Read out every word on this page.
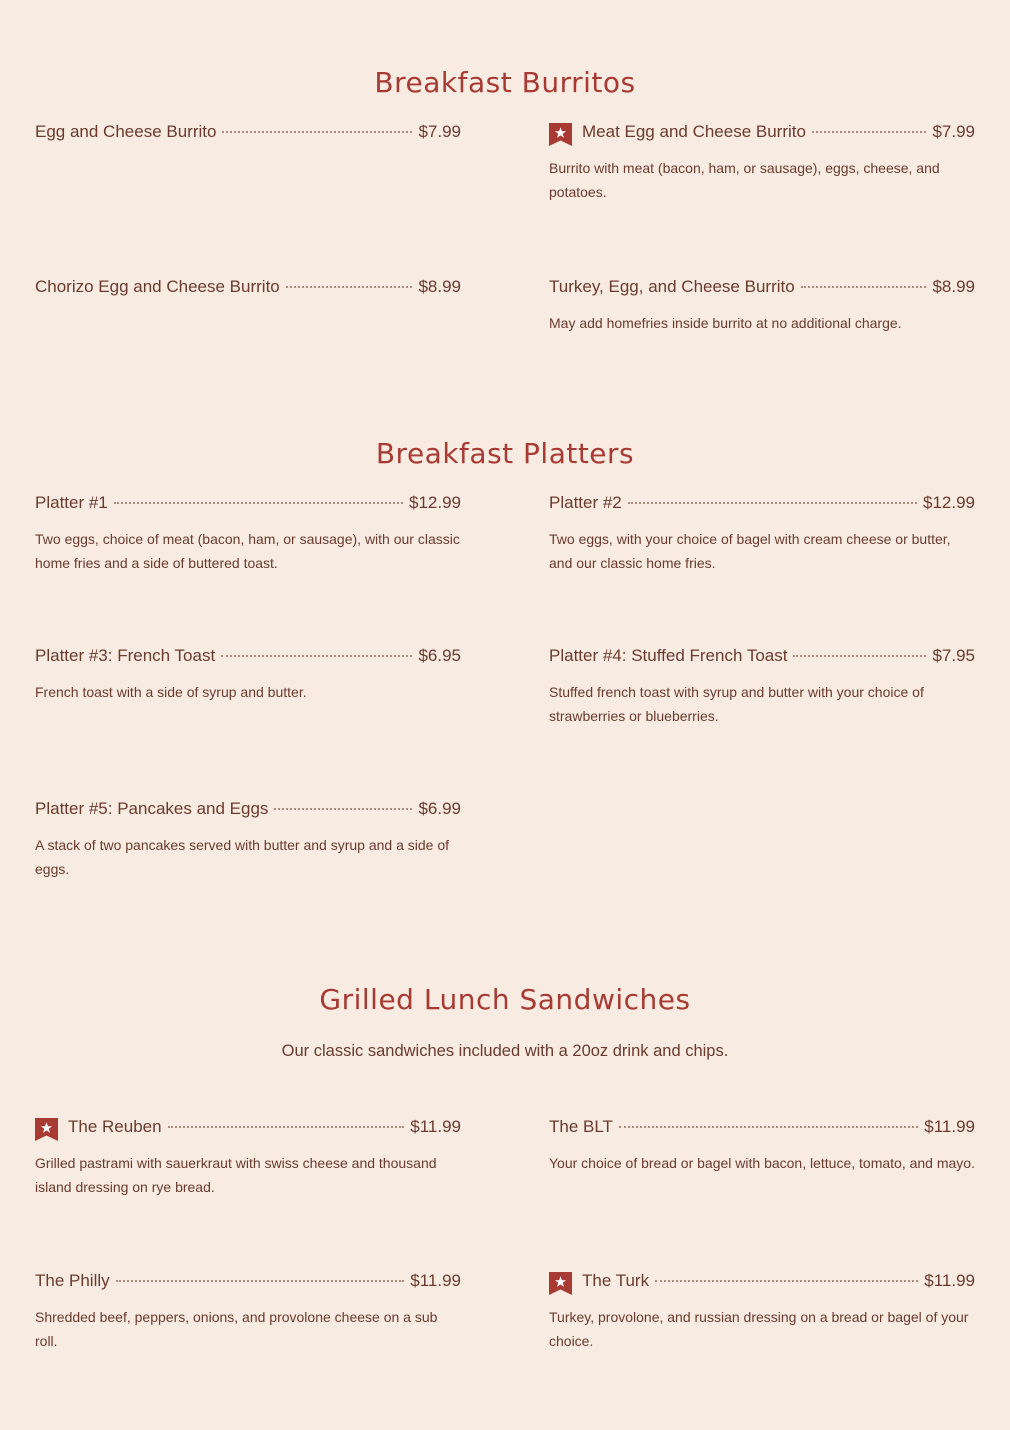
Breakfast Burritos
Egg and Cheese Burrito	$7.99	Meat Egg and Cheese Burrito	$7.99
Burrito with meat (bacon, ham, or sausage), eggs, cheese, and potatoes.
Chorizo Egg and Cheese Burrito	$8.99	Turkey, Egg, and Cheese Burrito	$8.99
May add homefries inside burrito at no additional charge.
Breakfast Platters
Platter #1	$12.99
Two eggs, choice of meat (bacon, ham, or sausage), with our classic home fries and a side of buttered toast.
Platter #2	$12.99
Two eggs, with your choice of bagel with cream cheese or butter, and our classic home fries.
Platter #3: French Toast	$6.95
French toast with a side of syrup and butter.
Platter #4: Stuffed French Toast	$7.95
Stuffed french toast with syrup and butter with your choice of strawberries or blueberries.
Platter #5: Pancakes and Eggs	$6.99
A stack of two pancakes served with butter and syrup and a side of eggs.
Grilled Lunch Sandwiches
Our classic sandwiches included with a 20oz drink and chips.
The Reuben	$11.99
Grilled pastrami with sauerkraut with swiss cheese and thousand island dressing on rye bread.
The BLT	$11.99
Your choice of bread or bagel with bacon, lettuce, tomato, and mayo.
The Philly	$11.99
Shredded beef, peppers, onions, and provolone cheese on a sub roll.
The Turk	$11.99
Turkey, provolone, and russian dressing on a bread or bagel of your choice.
